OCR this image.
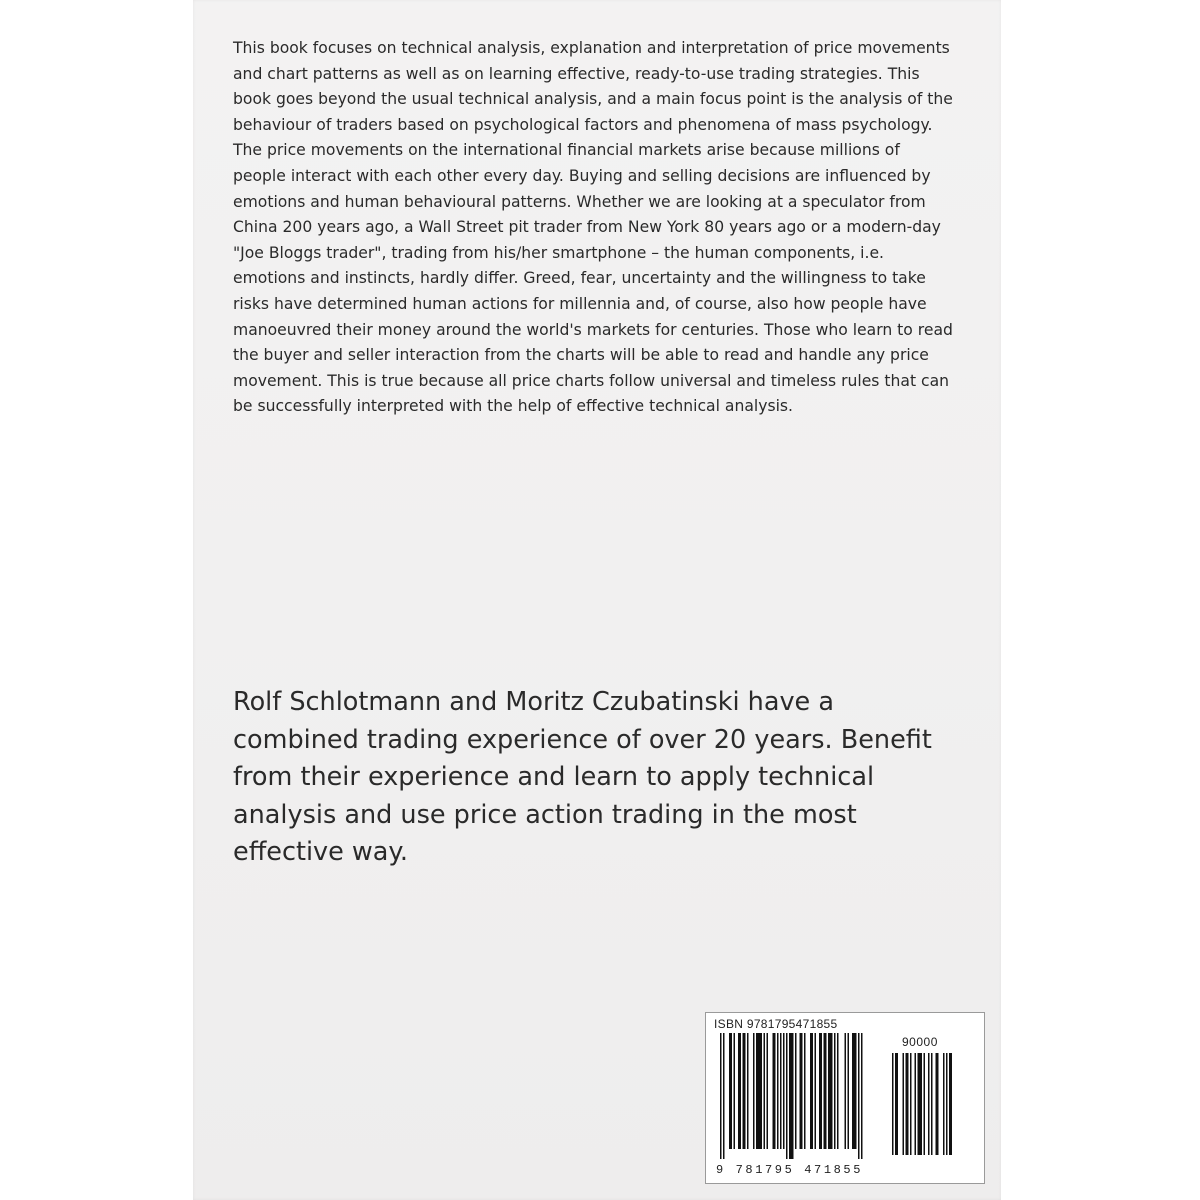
This book focuses on technical analysis, explanation and interpretation of price movements and chart patterns as well as on learning effective, ready-to-use trading strategies. This book goes beyond the usual technical analysis, and a main focus point is the analysis of the behaviour of traders based on psychological factors and phenomena of mass psychology.

The price movements on the international financial markets arise because millions of people interact with each other every day. Buying and selling decisions are influenced by emotions and human behavioural patterns. Whether we are looking at a speculator from China 200 years ago, a Wall Street pit trader from New York 80 years ago or a modern-day "Joe Bloggs trader", trading from his/her smartphone – the human components, i.e. emotions and instincts, hardly differ. Greed, fear, uncertainty and the willingness to take risks have determined human actions for millennia and, of course, also how people have manoeuvred their money around the world's markets for centuries. Those who learn to read the buyer and seller interaction from the charts will be able to read and handle any price movement. This is true because all price charts follow universal and timeless rules that can be successfully interpreted with the help of effective technical analysis.

Rolf Schlotmann and Moritz Czubatinski have a combined trading experience of over 20 years. Benefit from their experience and learn to apply technical analysis and use price action trading in the most effective way.

ISBN 9781795471855
90000
9 781795 471855
